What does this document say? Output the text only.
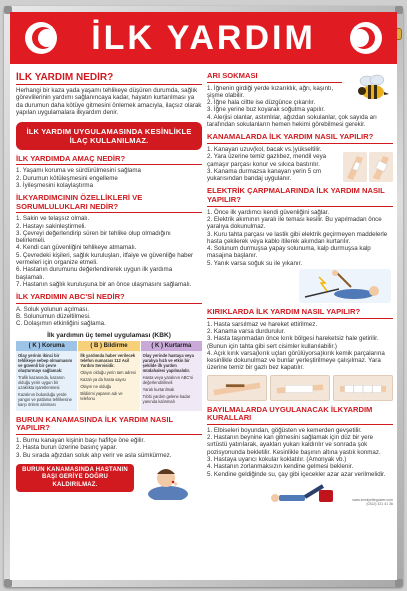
İLK YARDIM
İLK YARDIM NEDİR?

Herhangi bir kaza yada yaşamı tehlikeye düşüren durumda, sağlık görevlilerinin yardımı sağlanıncaya kadar, hayatın kurtarılması ya da durumun daha kötüye gitmesini önlemek amacıyla, ilaçsız olarak yapılan uygulamalara ilkyardım denir.

İLK YARDIM UYGULAMASINDA KESİNLİKLE İLAÇ KULLANILMAZ.
İLK YARDIMDA AMAÇ NEDİR?
1. Yaşamı koruma ve sürdürülmesini sağlama
2. Durumun kötüleşmesini engelleme
3. İyileşmesini kolaylaştırma
İLKYARDIMCININ ÖZELLİKLERİ VE SORUMLULUKLARI NEDİR?
1. Sakin ve telaşsız olmalı.
2. Hastayı sakinleştirmeli.
3. Çevreyi değerlendirip süren bir tehlike olup olmadığını belirlemeli.
4. Kendi can güvenliğini tehlikeye atmamalı.
5. Çevredeki kişileri, sağlık kuruluşları, itfaiye ve güvenliğe haber vermeleri için organize etmeli.
6. Hastanın durumunu değerlendirerek uygun ilk yardıma başlamalı.
7. Hastanın sağlık kuruluşuna bir an önce ulaşmasını sağlamalı.
İLK YARDIMIN ABC'Sİ NEDİR?
A. Soluk yolunun açılması.
B. Solunumun düzeltilmesi.
C. Dolaşımın etkinliğini sağlama.
İlk yardımın üç temel uygulaması (KBK)
( K ) Koruma
Olay yerinin ikinci bir tehlikeye sebep olmamasını ve güvenli bir çevre oluşturmayı sağlamak:
Trafik kazasında, kazanın olduğu yerin uygun bir uzaklıkta işaretlenmesi
Kazalının bulunduğu yerde yangın ve patlama tehlikesine karşı önlem alınması
( B ) Bildirme
İlk yardımda haber verilecek telefon numarası 112 Acil Yardım Servisidir.
Olayın olduğu yerin tam adresi
Kazalı ya da hasta sayısı
Olayın ne olduğu
Bildirimi yapanın adı ve telefonu
( K ) Kurtarma
Olay yerinde hastaya veya yaralıya hızlı ve etkin bir şekilde ilk yardım müdahalesi yapılmalıdır.
Hasta veya yaralının ABC'si değerlendirilmeli
Yaralı kurtarılmalı
Tıbbi yardım gelene kadar yanında kalınmalı
BURUN KANAMASINDA İLK YARDIM NASIL YAPILIR?
1. Burnu kanayan kişinin başı hafifçe öne eğilir.
2. Hasta burun üzerine basınç yapar.
3. Bu sırada ağızdan soluk alıp verir ve asla sümkürmez.
BURUN KANAMASINDA HASTANIN BAŞI GERİYE DOĞRU KALDIRILMAZ.
ARI SOKMASI
1. İğnenin girdiği yerde kızarıklık, ağrı, kaşıntı, şişme olabilir.
2. İğne hala ciltte ise düzgünce çıkarılır.
3. İğne yerine buz koyarak soğutma yapılır.
4. Alerjisi olanlar, astımlılar, ağızdan sokulanlar, çok sayıda arı tarafından sokulanların hemen hekimi görebilmesi gerekir.
KANAMALARDA İLK YARDIM NASIL YAPILIR?
1. Kanayan uzuv(kol, bacak vs.)yükseltilir.
2. Yara üzerine temiz gazlıbez, mendil veya çamaşır parçası konur ve sıkıca bastırılır.
3. Kanama durmazsa kanayan yerin 5 cm yukarısından bandaj uygulanır.
ELEKTRİK ÇARPMALARINDA İLK YARDIM NASIL YAPILIR?
1. Önce ilk yardımcı kendi güvenliğini sağlar.
2. Elektrik akımının yaralı ile teması kesilir. Bu yapılmadan önce yaralıya dokunulmaz.
3. Kuru tahta parçası ve lastik gibi elektrik geçirmeyen maddelerle hasta çekilerek veya kablo itilerek akımdan kurtarılır.
4. Solunum durmuşsa yapay solunuma, kalp durmuşsa kalp masajına başlanır.
5. Yanık varsa soğuk su ile yıkanır.
KIRIKLARDA İLK YARDIM NASIL YAPILIR?
1. Hasta sarsılmaz ve hareket ettirilmez.
2. Kanama varsa durdurulur.
3. Hasta taşınmadan önce kırık bölgesi hareketsiz hale getirilir. (Bunun için tahta gibi sert cisimler kullanılabilir.)
4. Açık kırık varsa(kırık uçları görülüyorsa)kırık kemik parçalarına kesinlikle dokunulmaz ve bunlar yerleştirilmeye çalışılmaz. Yara üzerine temiz bir gazlı bez kapatılır.
BAYILMALARDA UYGULANACAK İLKYARDIM KURALLARI
1. Elbiseleri boyundan, göğüsten ve kemerden gevşetilir.
2. Hastanın beynine kan gitmesini sağlamak için düz bir yere sırtüstü yatırılarak, ayakları yukarı kaldırılır ve sonrada şok pozisyonunda bekletilir. Kesinlikle başının altına yastık konmaz.
3. Hastaya uyarıcı kokular koklatılır. (Amonyak vb.)
4. Hastanın zorlanmaksızın kendine gelmesi beklenir.
5. Kendine geldiğinde su, çay gibi içecekler azar azar verilmelidir.
www.emniyettegoster.com
(0312) 321 41 36
